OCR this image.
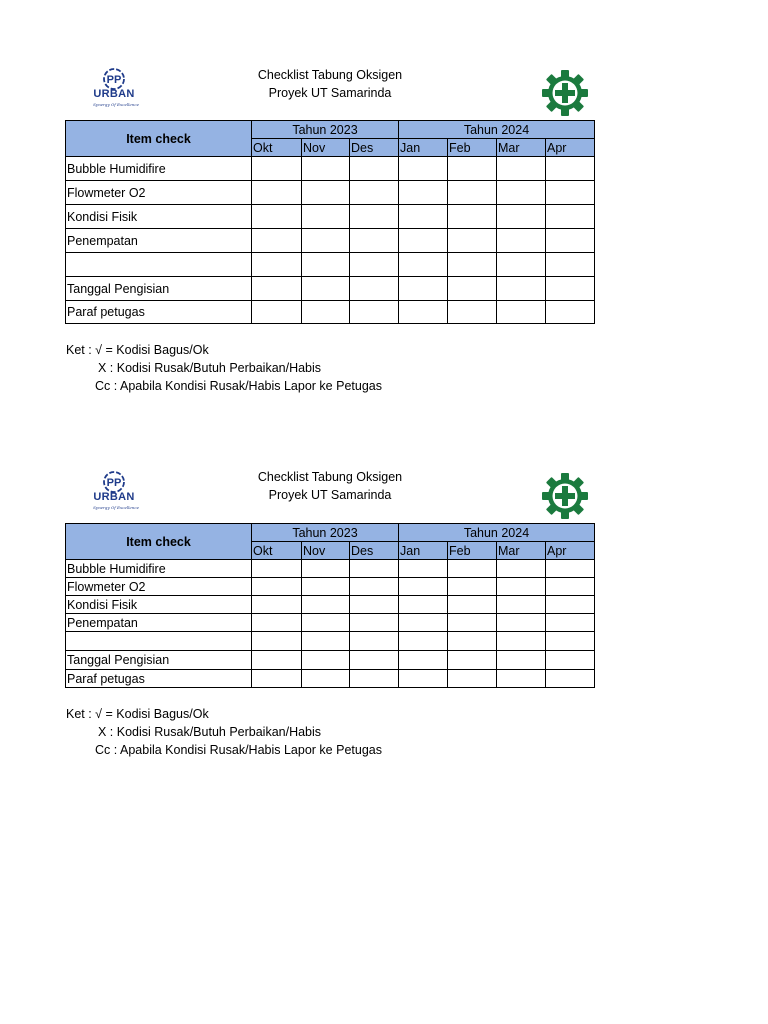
PP
URBAN
Synergy Of Excellence
Checklist Tabung Oksigen
Proyek UT Samarinda
Item check	Tahun 2023			Tahun 2024			
	Okt	Nov	Des	Jan	Feb	Mar	Apr
Bubble Humidifire							
Flowmeter O2							
Kondisi Fisik							
Penempatan							

Tanggal Pengisian							
Paraf petugas							
Ket : √ = Kodisi Bagus/Ok
X : Kodisi Rusak/Butuh Perbaikan/Habis
Cc : Apabila Kondisi Rusak/Habis Lapor ke Petugas
PP
URBAN
Synergy Of Excellence
Checklist Tabung Oksigen
Proyek UT Samarinda
Item check	Tahun 2023			Tahun 2024			
	Okt	Nov	Des	Jan	Feb	Mar	Apr
Bubble Humidifire							
Flowmeter O2							
Kondisi Fisik							
Penempatan							

Tanggal Pengisian							
Paraf petugas							
Ket : √ = Kodisi Bagus/Ok
X : Kodisi Rusak/Butuh Perbaikan/Habis
Cc : Apabila Kondisi Rusak/Habis Lapor ke Petugas
